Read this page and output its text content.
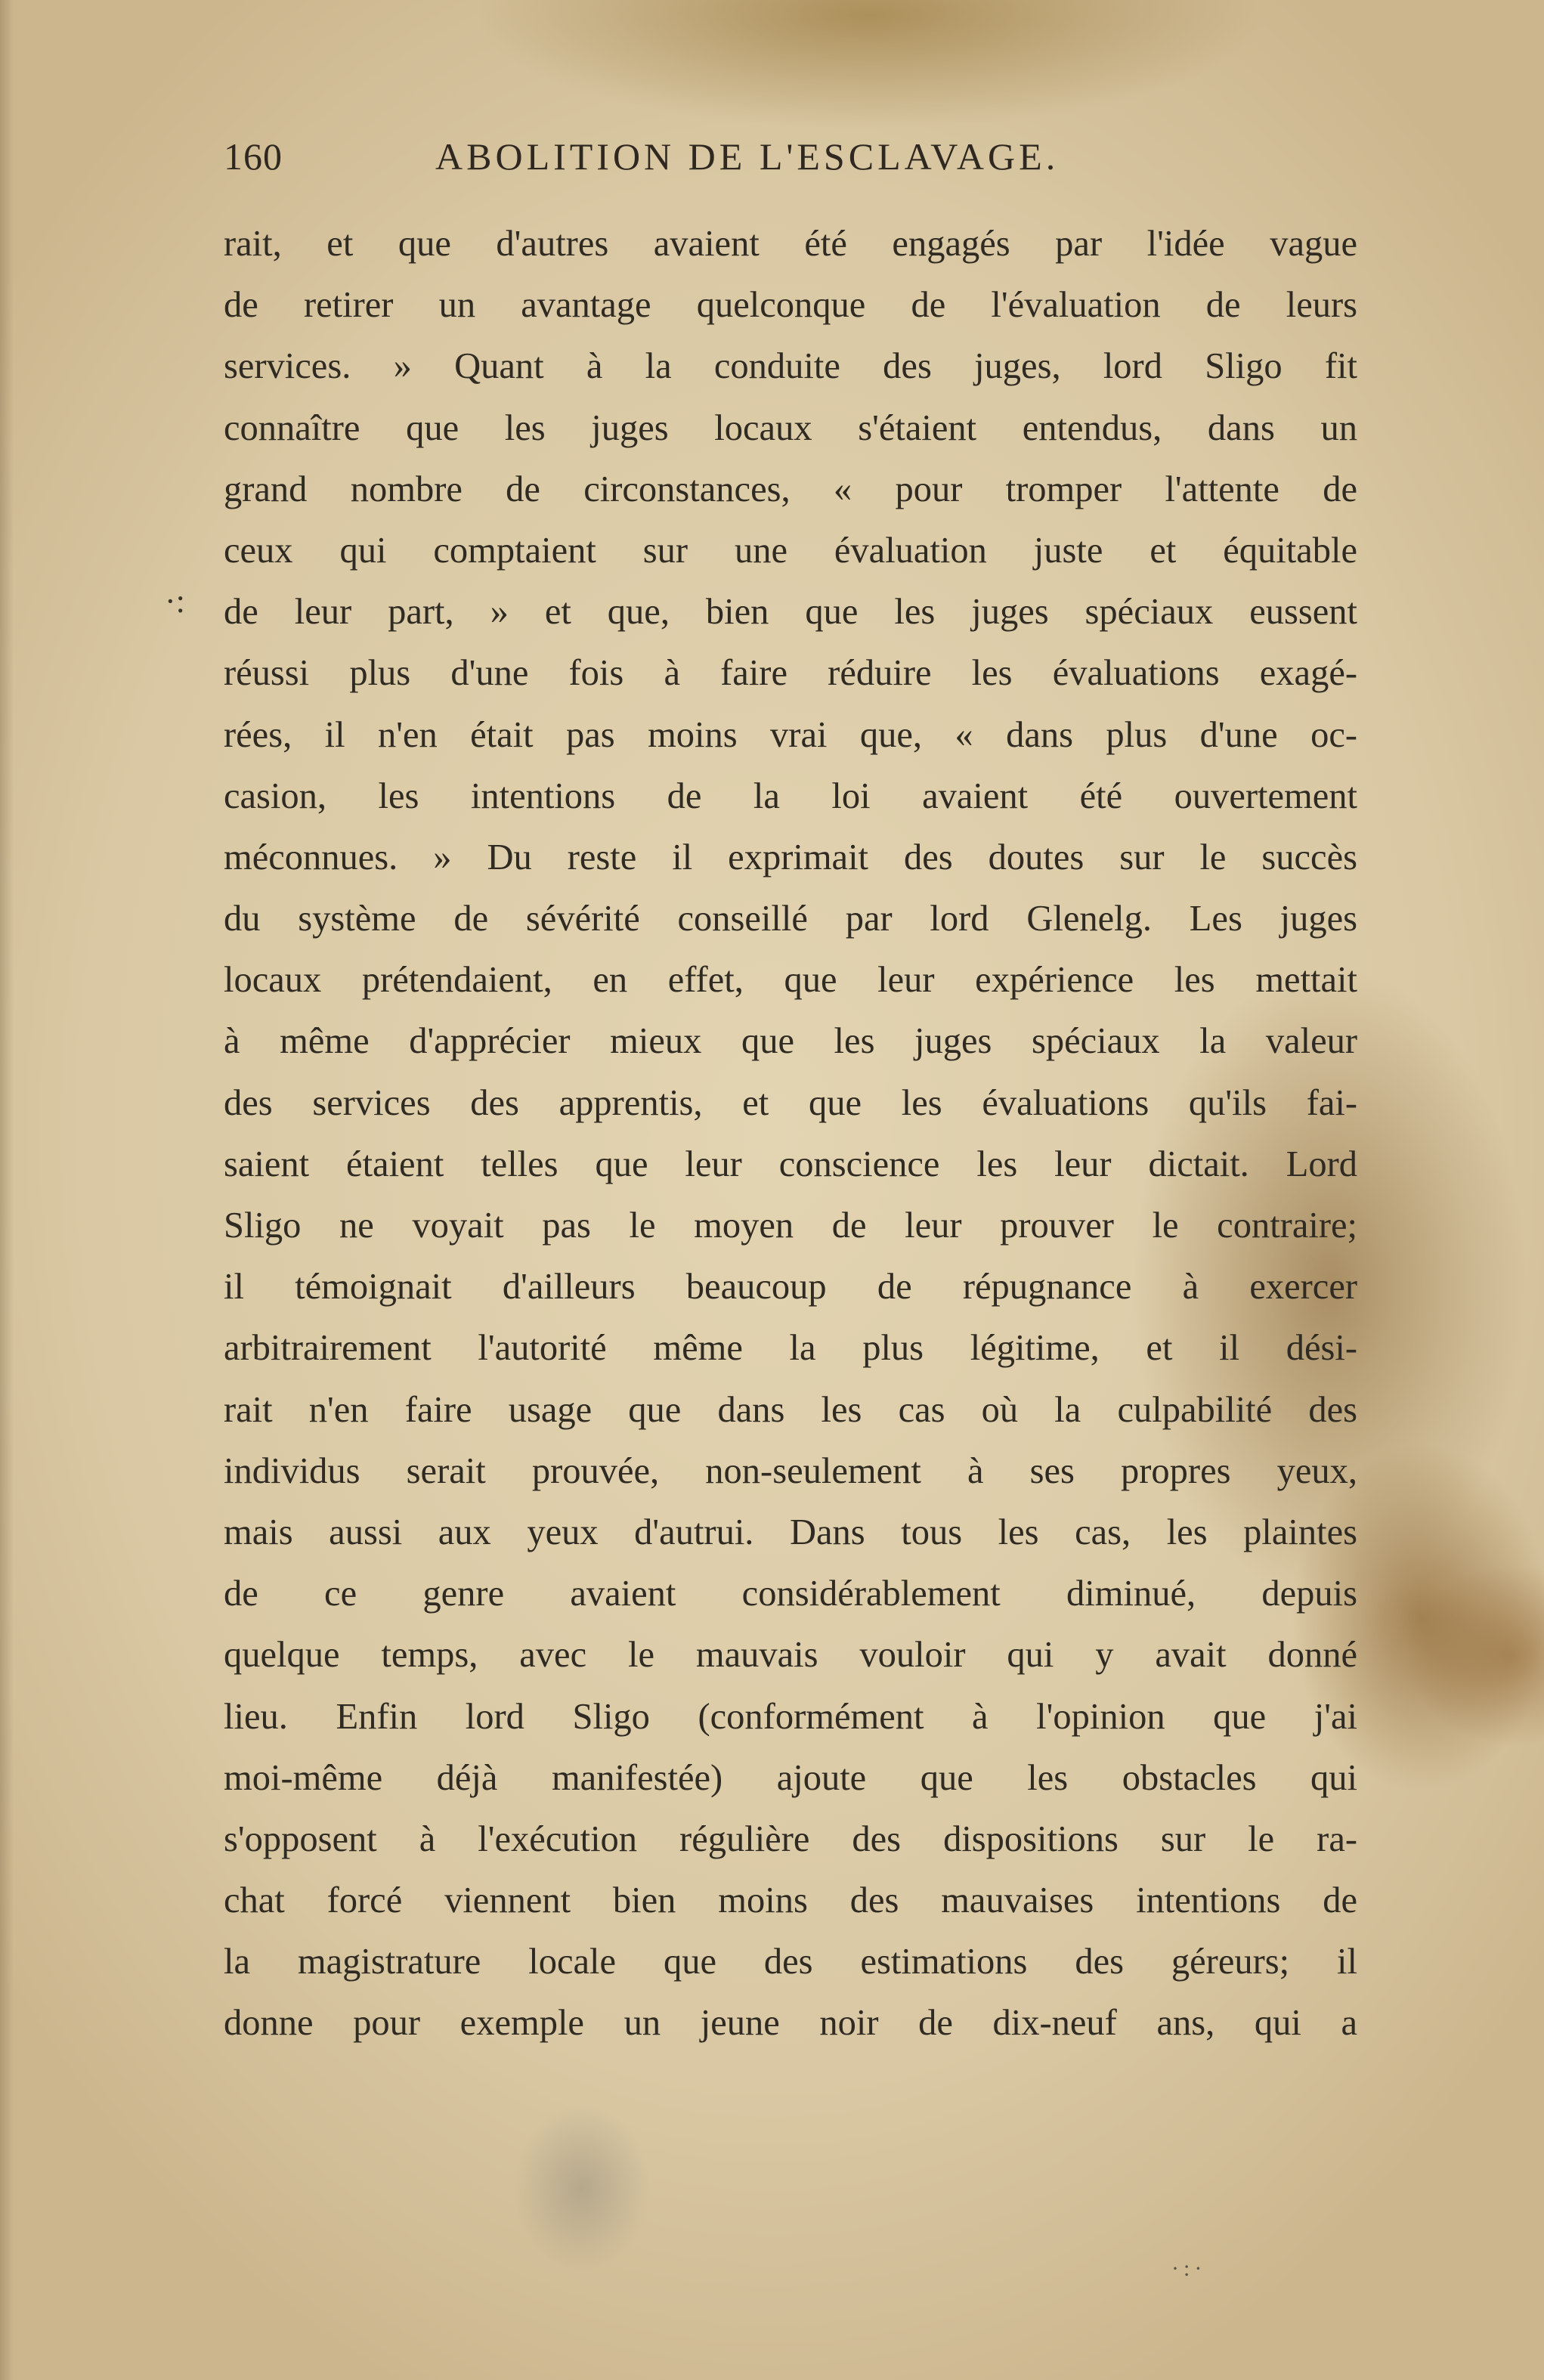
160	ABOLITION DE L'ESCLAVAGE.
·:
rait, et que d'autres avaient été engagés par l'idée vague
de retirer un avantage quelconque de l'évaluation de leurs
services. » Quant à la conduite des juges, lord Sligo fit
connaître que les juges locaux s'étaient entendus, dans un
grand nombre de circonstances, « pour tromper l'attente de
ceux qui comptaient sur une évaluation juste et équitable
de leur part, » et que, bien que les juges spéciaux eussent
réussi plus d'une fois à faire réduire les évaluations exagé-
rées, il n'en était pas moins vrai que, « dans plus d'une oc-
casion, les intentions de la loi avaient été ouvertement
méconnues. » Du reste il exprimait des doutes sur le succès
du système de sévérité conseillé par lord Glenelg. Les juges
locaux prétendaient, en effet, que leur expérience les mettait
à même d'apprécier mieux que les juges spéciaux la valeur
des services des apprentis, et que les évaluations qu'ils fai-
saient étaient telles que leur conscience les leur dictait. Lord
Sligo ne voyait pas le moyen de leur prouver le contraire;
il témoignait d'ailleurs beaucoup de répugnance à exercer
arbitrairement l'autorité même la plus légitime, et il dési-
rait n'en faire usage que dans les cas où la culpabilité des
individus serait prouvée, non-seulement à ses propres yeux,
mais aussi aux yeux d'autrui. Dans tous les cas, les plaintes
de ce genre avaient considérablement diminué, depuis
quelque temps, avec le mauvais vouloir qui y avait donné
lieu. Enfin lord Sligo (conformément à l'opinion que j'ai
moi-même déjà manifestée) ajoute que les obstacles qui
s'opposent à l'exécution régulière des dispositions sur le ra-
chat forcé viennent bien moins des mauvaises intentions de
la magistrature locale que des estimations des géreurs; il
donne pour exemple un jeune noir de dix-neuf ans, qui a
·:·
